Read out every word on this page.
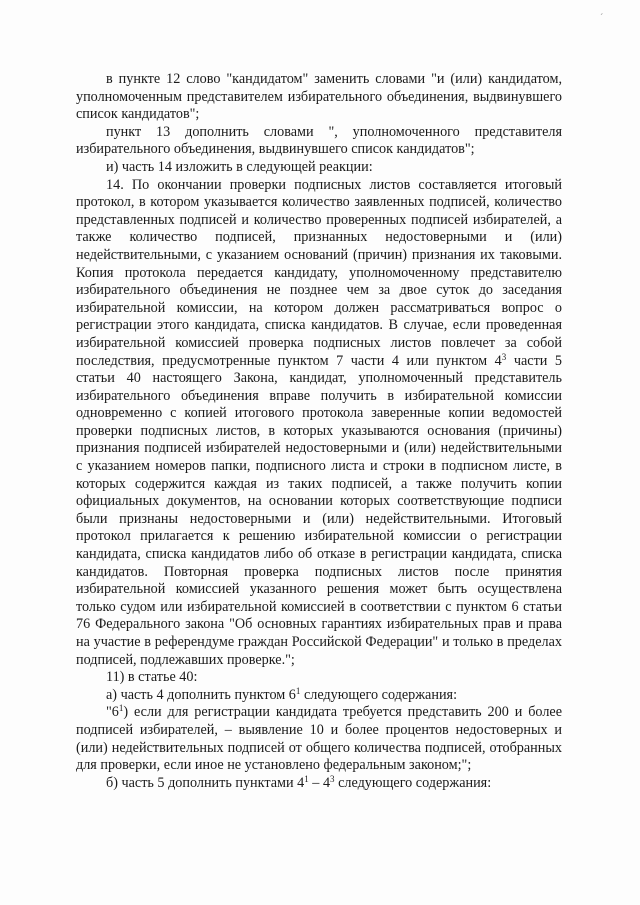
´

в пункте 12 слово "кандидатом" заменить словами "и (или) кандидатом, уполномоченным представителем избирательного объединения, выдвинувшего список кандидатов";

пункт 13 дополнить словами ", уполномоченного представителя избирательного объединения, выдвинувшего список кандидатов";

и) часть 14 изложить в следующей реакции:

14. По окончании проверки подписных листов составляется итоговый протокол, в котором указывается количество заявленных подписей, количество представленных подписей и количество проверенных подписей избирателей, а также количество подписей, признанных недостоверными и (или) недействительными, с указанием оснований (причин) признания их таковыми. Копия протокола передается кандидату, уполномоченному представителю избирательного объединения не позднее чем за двое суток до заседания избирательной комиссии, на котором должен рассматриваться вопрос о регистрации этого кандидата, списка кандидатов. В случае, если проведенная избирательной комиссией проверка подписных листов повлечет за собой последствия, предусмотренные пунктом 7 части 4 или пунктом $4^3$ части 5 статьи 40 настоящего Закона, кандидат, уполномоченный представитель избирательного объединения вправе получить в избирательной комиссии одновременно с копией итогового протокола заверенные копии ведомостей проверки подписных листов, в которых указываются основания (причины) признания подписей избирателей недостоверными и (или) недействительными с указанием номеров папки, подписного листа и строки в подписном листе, в которых содержится каждая из таких подписей, а также получить копии официальных документов, на основании которых соответствующие подписи были признаны недостоверными и (или) недействительными. Итоговый протокол прилагается к решению избирательной комиссии о регистрации кандидата, списка кандидатов либо об отказе в регистрации кандидата, списка кандидатов. Повторная проверка подписных листов после принятия избирательной комиссией указанного решения может быть осуществлена только судом или избирательной комиссией в соответствии с пунктом 6 статьи 76 Федерального закона "Об основных гарантиях избирательных прав и права на участие в референдуме граждан Российской Федерации" и только в пределах подписей, подлежавших проверке.";

11) в статье 40:

а) часть 4 дополнить пунктом $6^1$ следующего содержания:

"$6^1$) если для регистрации кандидата требуется представить 200 и более подписей избирателей, – выявление 10 и более процентов недостоверных и (или) недействительных подписей от общего количества подписей, отобранных для проверки, если иное не установлено федеральным законом;";

б) часть 5 дополнить пунктами $4^1 - 4^3$ следующего содержания:
